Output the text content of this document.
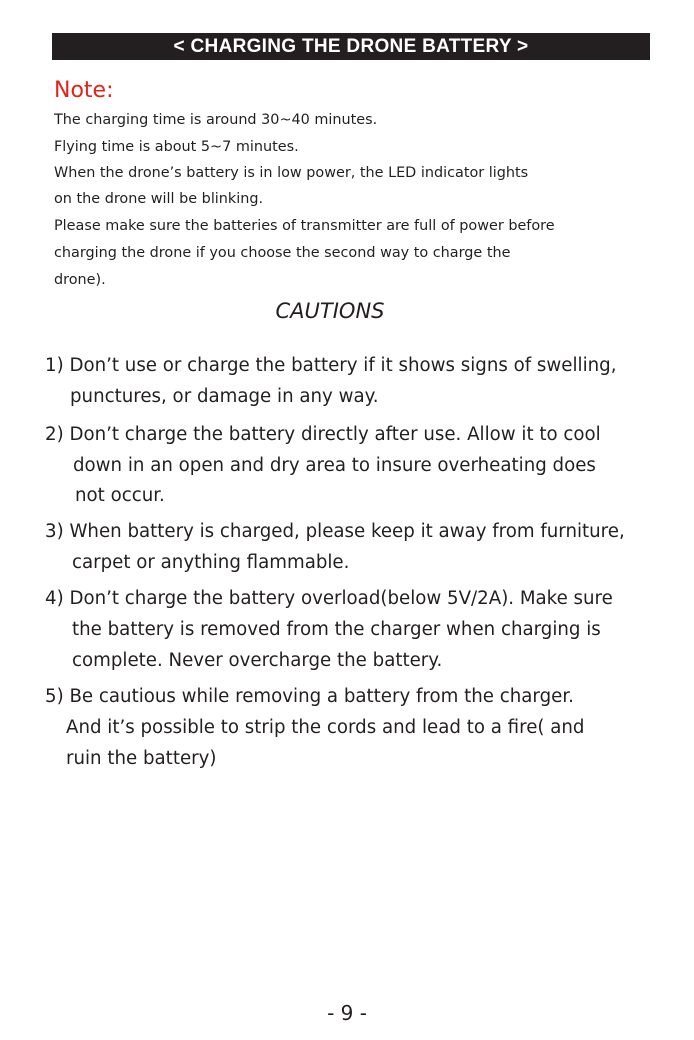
< CHARGING THE DRONE BATTERY >
Note:
The charging time is around 30~40 minutes.
Flying time is about 5~7 minutes.
When the drone’s battery is in low power, the LED indicator lights
on the drone will be blinking.
Please make sure the batteries of transmitter are full of power before
charging the drone if you choose the second way to charge the
drone).
CAUTIONS
1) Don’t use or charge the battery if it shows signs of swelling,
punctures, or damage in any way.
2) Don’t charge the battery directly after use. Allow it to cool
down in an open and dry area to insure overheating does
not occur.
3) When battery is charged, please keep it away from furniture,
carpet or anything flammable.
4) Don’t charge the battery overload(below 5V/2A). Make sure
the battery is removed from the charger when charging is
complete. Never overcharge the battery.
5) Be cautious while removing a battery from the charger.
And it’s possible to strip the cords and lead to a fire( and
ruin the battery)
- 9 -
